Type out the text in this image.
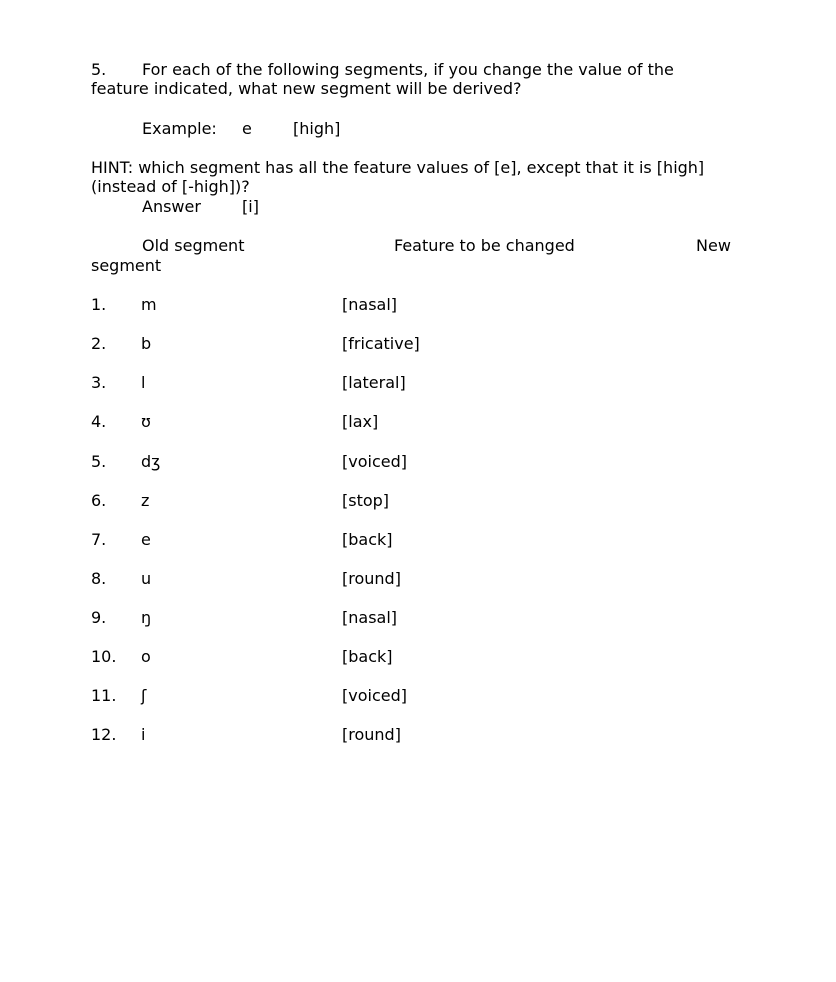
5. For each of the following segments, if you change the value of the
feature indicated, what new segment will be derived?
Example: e	[high]
HINT: which segment has all the feature values of [e], except that it is [high]
(instead of [-high])?
Answer	[i]
Old segment	Feature to be changed	New
segment
1. m	[nasal]
2. b	[fricative]
3. l	[lateral]
4. ʊ	[lax]
5. dʒ	[voiced]
6. z	[stop]
7. e	[back]
8. u	[round]
9. ŋ	[nasal]
10. o	[back]
11. ʃ	[voiced]
12. i	[round]
